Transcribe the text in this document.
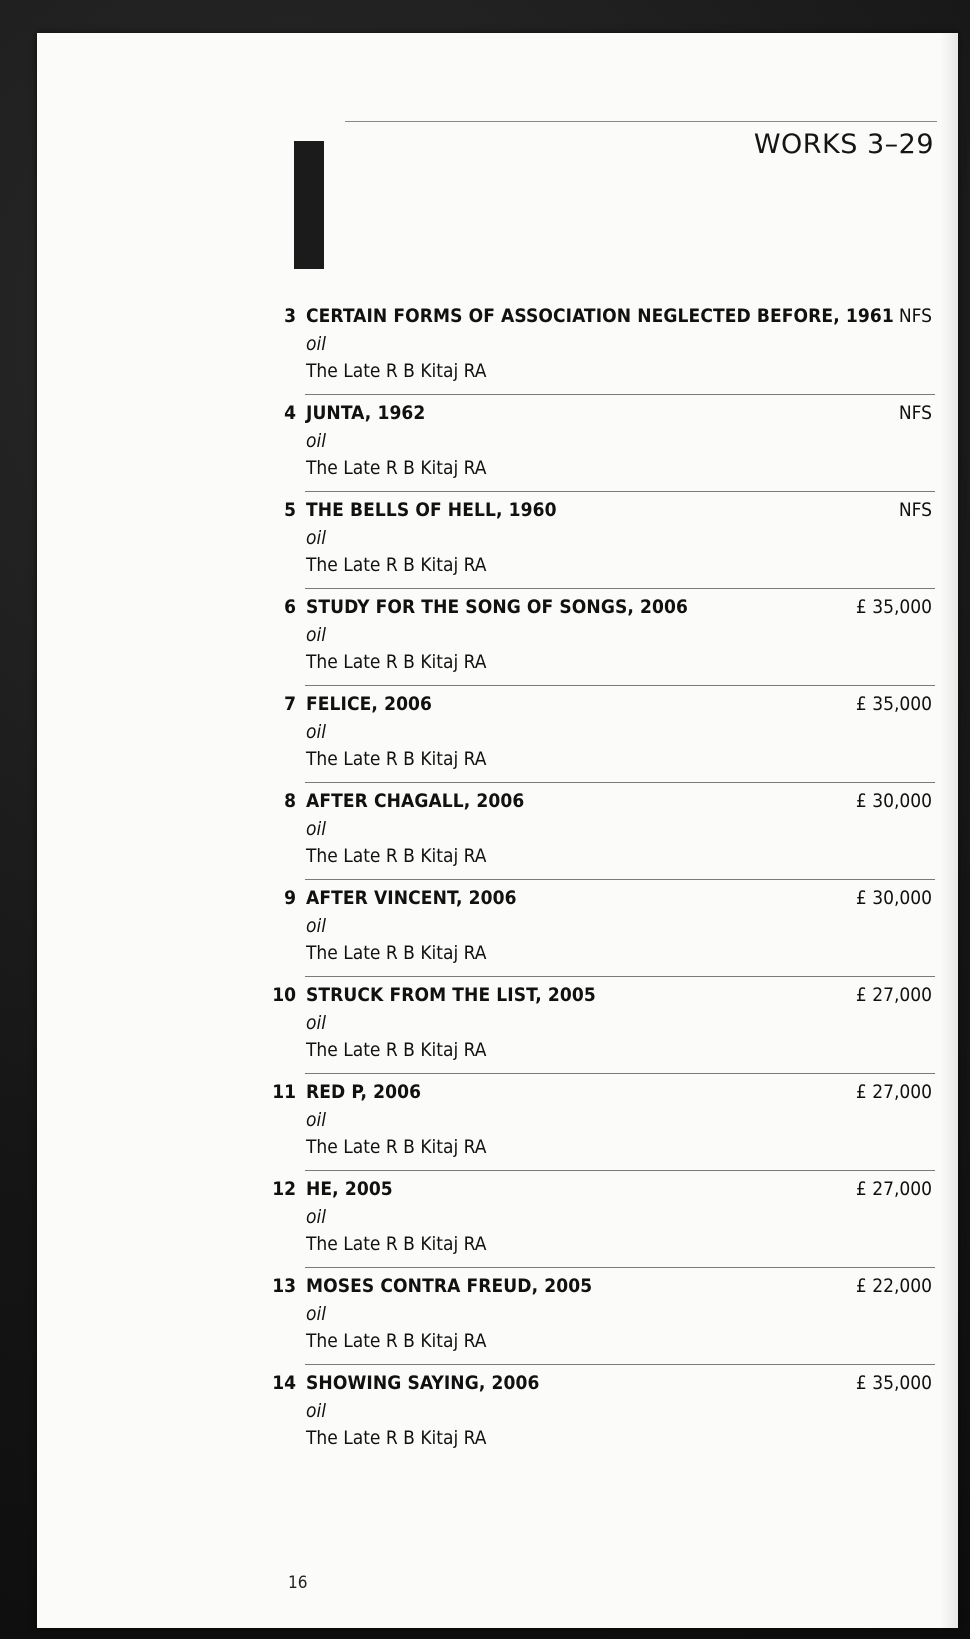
WORKS 3–29
3 CERTAIN FORMS OF ASSOCIATION NEGLECTED BEFORE, 1961
oil
The Late R B Kitaj RA
NFS
4 JUNTA, 1962
oil
The Late R B Kitaj RA
NFS
5 THE BELLS OF HELL, 1960
oil
The Late R B Kitaj RA
NFS
6 STUDY FOR THE SONG OF SONGS, 2006
oil
The Late R B Kitaj RA
£ 35,000
7 FELICE, 2006
oil
The Late R B Kitaj RA
£ 35,000
8 AFTER CHAGALL, 2006
oil
The Late R B Kitaj RA
£ 30,000
9 AFTER VINCENT, 2006
oil
The Late R B Kitaj RA
£ 30,000
10 STRUCK FROM THE LIST, 2005
oil
The Late R B Kitaj RA
£ 27,000
11 RED P, 2006
oil
The Late R B Kitaj RA
£ 27,000
12 HE, 2005
oil
The Late R B Kitaj RA
£ 27,000
13 MOSES CONTRA FREUD, 2005
oil
The Late R B Kitaj RA
£ 22,000
14 SHOWING SAYING, 2006
oil
The Late R B Kitaj RA
£ 35,000
16
